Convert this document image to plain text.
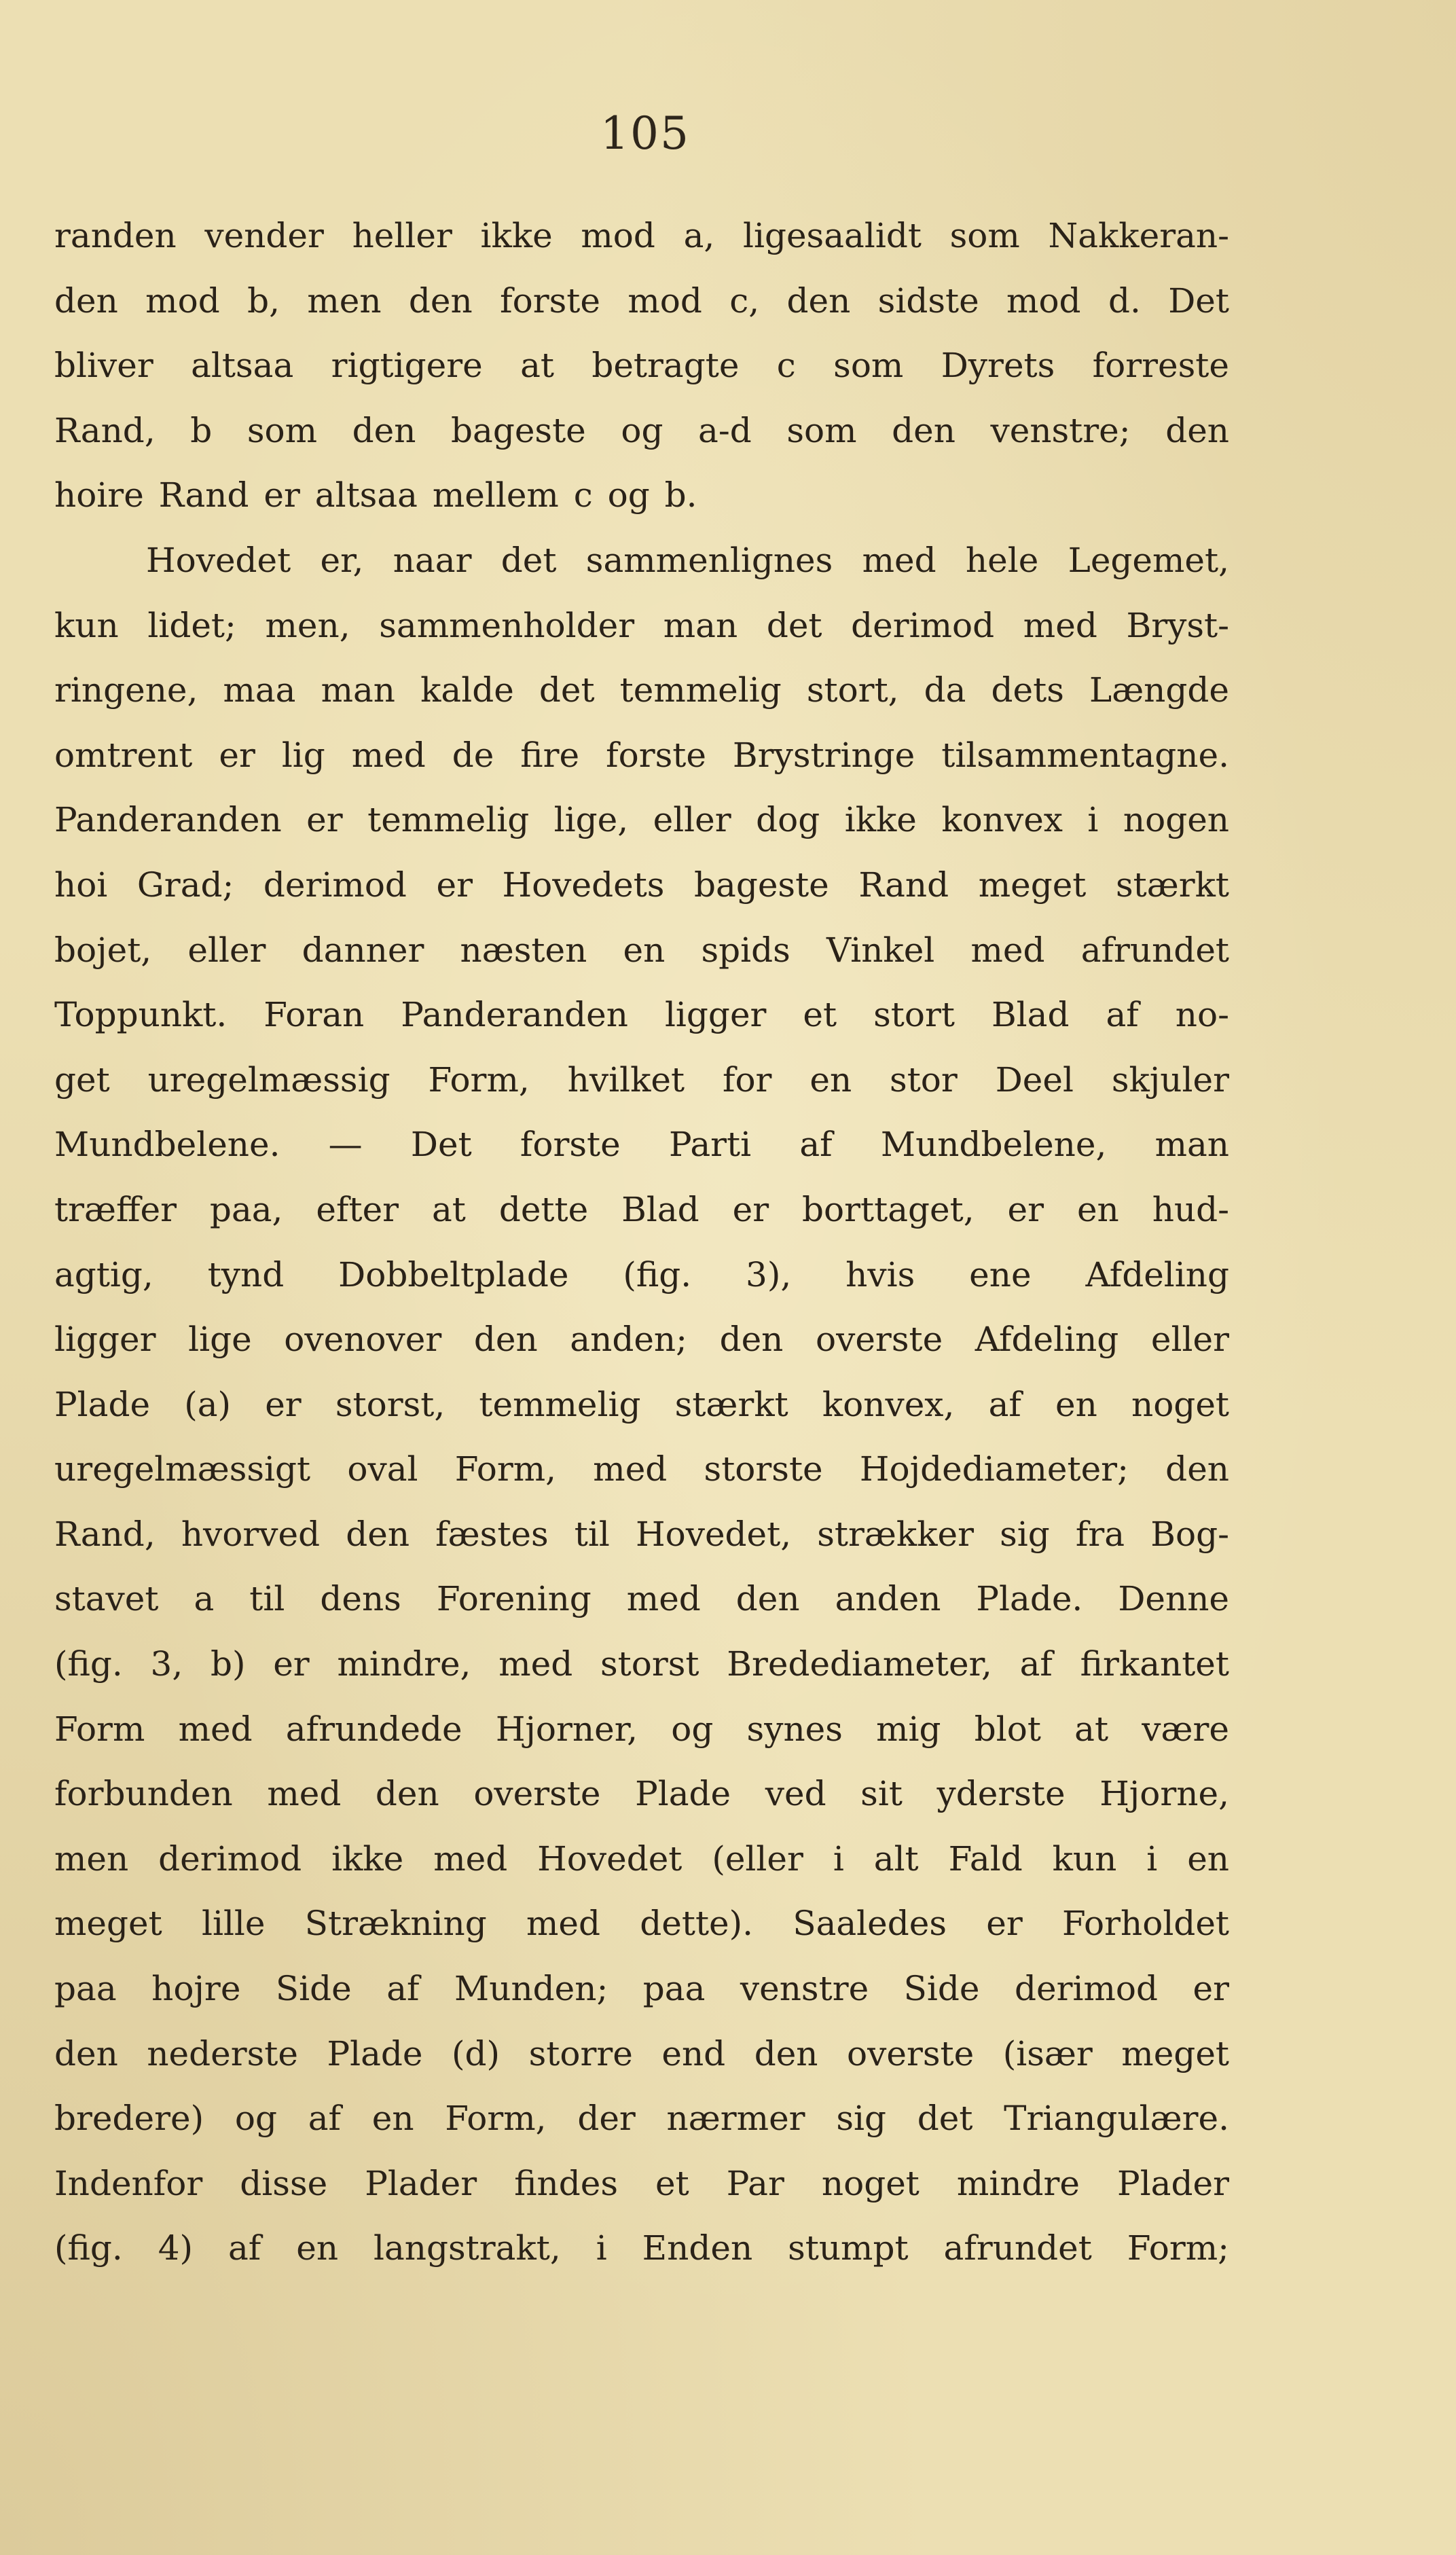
105
randen vender heller ikke mod a, ligesaalidt som Nakkeran-
den mod b, men den forste mod c, den sidste mod d. Det
bliver altsaa rigtigere at betragte c som Dyrets forreste
Rand, b som den bageste og a-d som den venstre; den
hoire Rand er altsaa mellem c og b.
Hovedet er, naar det sammenlignes med hele Legemet,
kun lidet; men, sammenholder man det derimod med Bryst-
ringene, maa man kalde det temmelig stort, da dets Længde
omtrent er lig med de fire forste Brystringe tilsammentagne.
Panderanden er temmelig lige, eller dog ikke konvex i nogen
hoi Grad; derimod er Hovedets bageste Rand meget stærkt
bojet, eller danner næsten en spids Vinkel med afrundet
Toppunkt. Foran Panderanden ligger et stort Blad af no-
get uregelmæssig Form, hvilket for en stor Deel skjuler
Mundbelene. — Det forste Parti af Mundbelene, man
træffer paa, efter at dette Blad er borttaget, er en hud-
agtig, tynd Dobbeltplade (fig. 3), hvis ene Afdeling
ligger lige ovenover den anden; den overste Afdeling eller
Plade (a) er storst, temmelig stærkt konvex, af en noget
uregelmæssigt oval Form, med storste Hojdediameter; den
Rand, hvorved den fæstes til Hovedet, strækker sig fra Bog-
stavet a til dens Forening med den anden Plade. Denne
(fig. 3, b) er mindre, med storst Bredediameter, af firkantet
Form med afrundede Hjorner, og synes mig blot at være
forbunden med den overste Plade ved sit yderste Hjorne,
men derimod ikke med Hovedet (eller i alt Fald kun i en
meget lille Strækning med dette). Saaledes er Forholdet
paa hojre Side af Munden; paa venstre Side derimod er
den nederste Plade (d) storre end den overste (især meget
bredere) og af en Form, der nærmer sig det Triangulære.
Indenfor disse Plader findes et Par noget mindre Plader
(fig. 4) af en langstrakt, i Enden stumpt afrundet Form;
